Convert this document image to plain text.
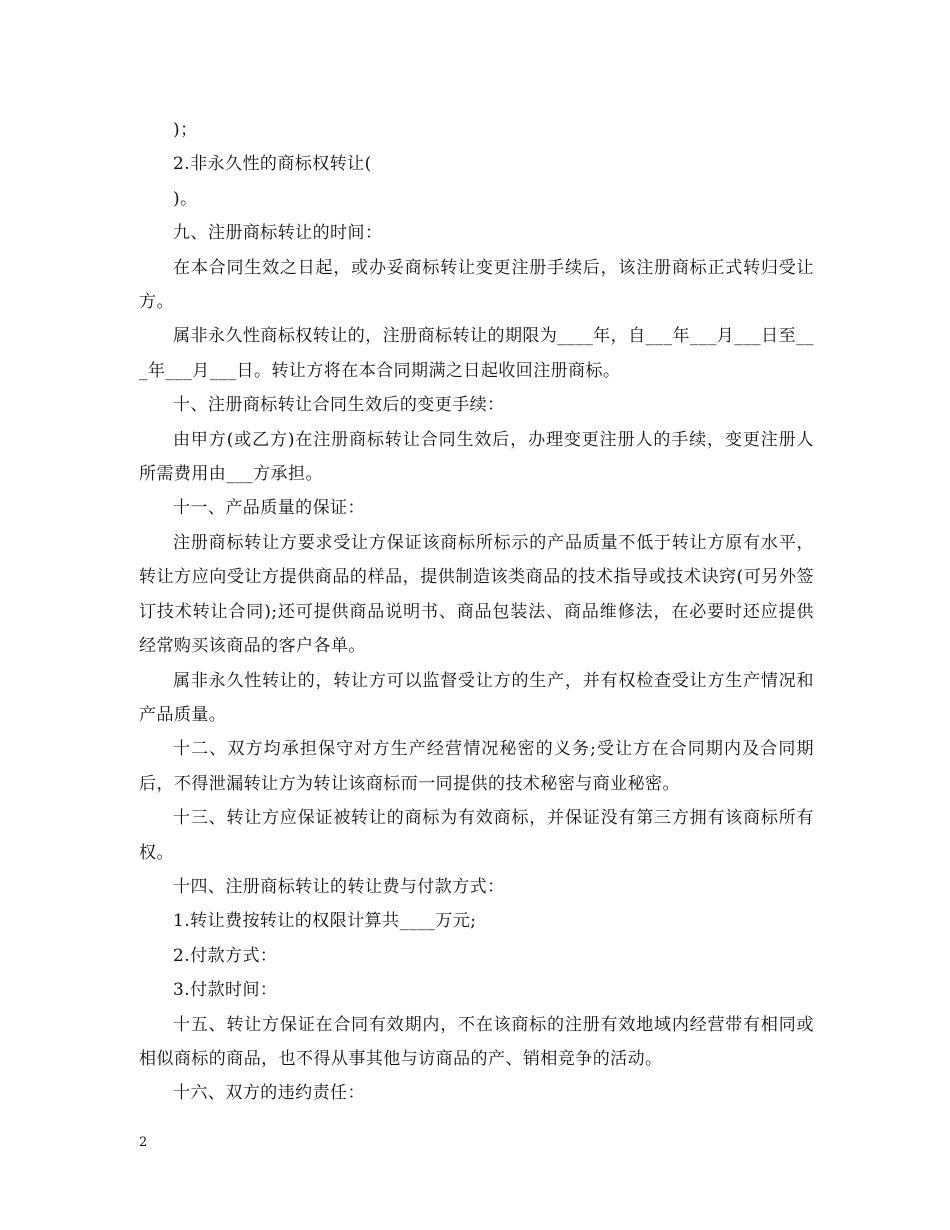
)；

2.非永久性的商标权转让(

)。

九、注册商标转让的时间：

在本合同生效之日起，或办妥商标转让变更注册手续后，该注册商标正式转归受让方。

属非永久性商标权转让的，注册商标转让的期限为____年，自___年___月___日至___年___月___日。转让方将在本合同期满之日起收回注册商标。

十、注册商标转让合同生效后的变更手续：

由甲方(或乙方)在注册商标转让合同生效后，办理变更注册人的手续，变更注册人所需费用由___方承担。

十一、产品质量的保证：

注册商标转让方要求受让方保证该商标所标示的产品质量不低于转让方原有水平，转让方应向受让方提供商品的样品，提供制造该类商品的技术指导或技术诀窍(可另外签订技术转让合同);还可提供商品说明书、商品包装法、商品维修法，在必要时还应提供经常购买该商品的客户各单。

属非永久性转让的，转让方可以监督受让方的生产，并有权检查受让方生产情况和产品质量。

十二、双方均承担保守对方生产经营情况秘密的义务;受让方在合同期内及合同期后，不得泄漏转让方为转让该商标而一同提供的技术秘密与商业秘密。

十三、转让方应保证被转让的商标为有效商标，并保证没有第三方拥有该商标所有权。

十四、注册商标转让的转让费与付款方式：

1.转让费按转让的权限计算共____万元;

2.付款方式：

3.付款时间：

十五、转让方保证在合同有效期内，不在该商标的注册有效地域内经营带有相同或相似商标的商品，也不得从事其他与访商品的产、销相竞争的活动。

十六、双方的违约责任：

2
